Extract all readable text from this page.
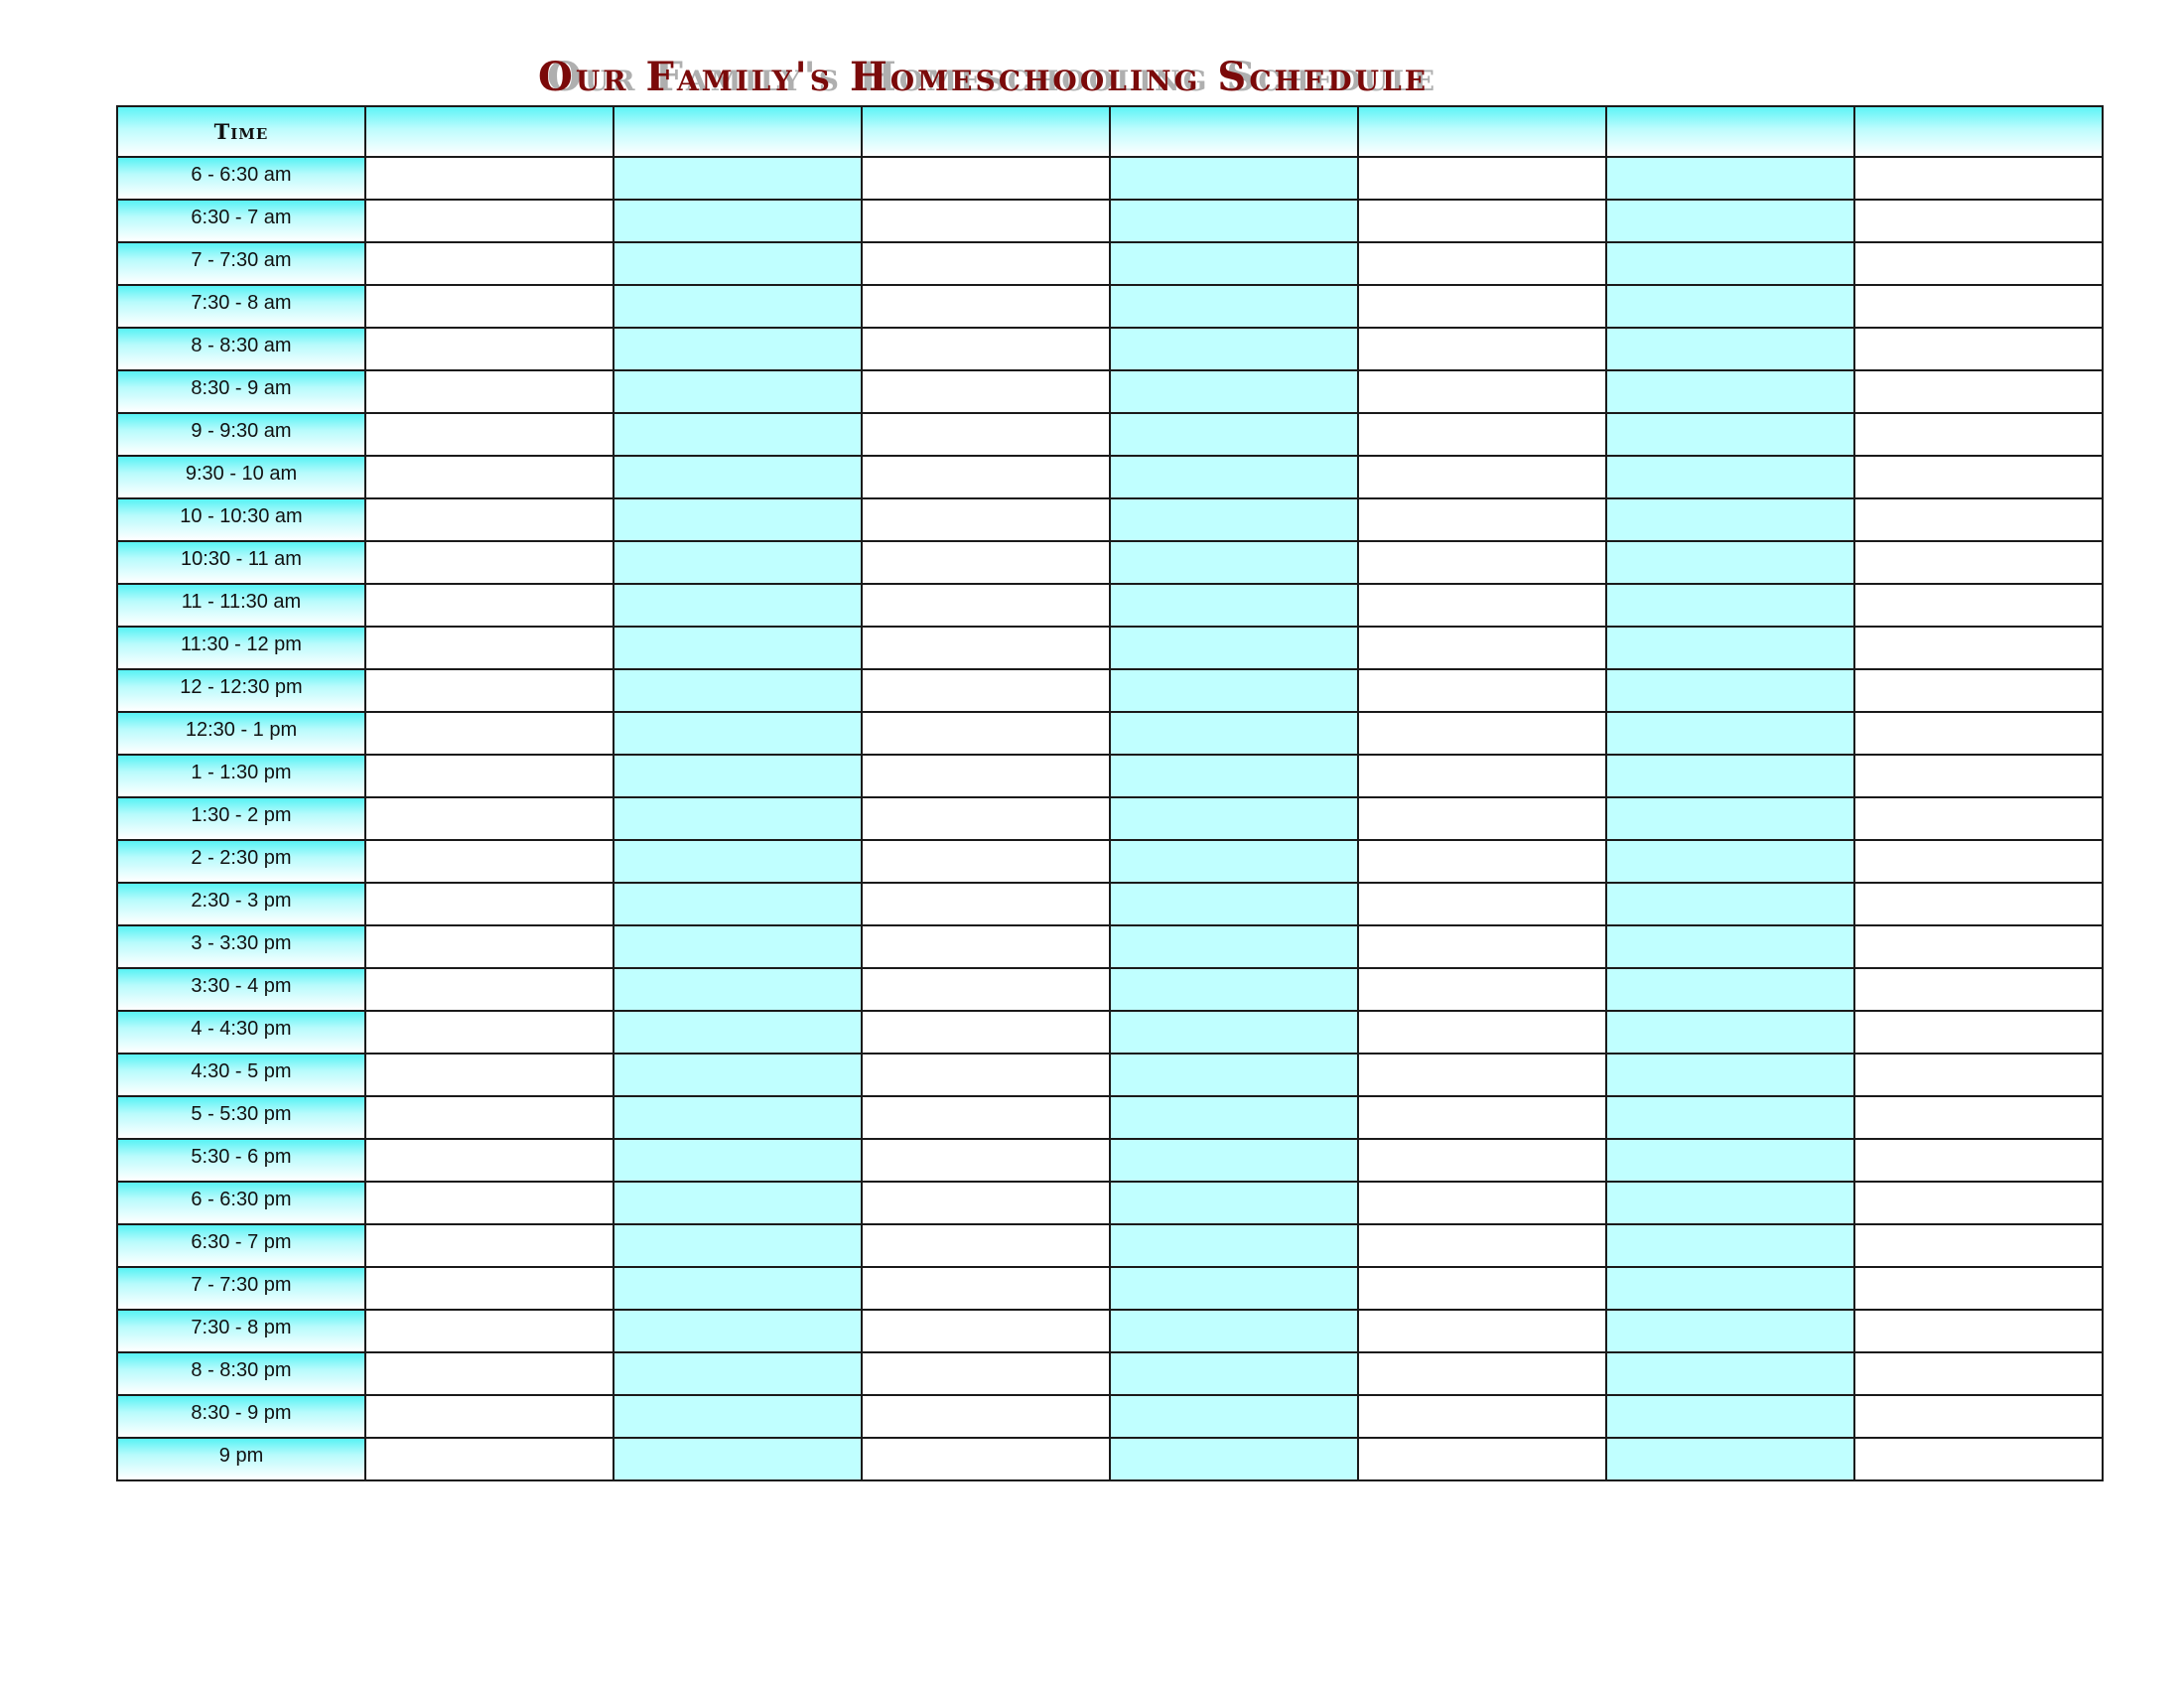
Our Family's Homeschooling Schedule
Time							
6 - 6:30 am							
6:30 - 7 am							
7 - 7:30 am							
7:30 - 8 am							
8 - 8:30 am							
8:30 - 9 am							
9 - 9:30 am							
9:30 - 10 am							
10 - 10:30 am							
10:30 - 11 am							
11 - 11:30 am							
11:30 - 12 pm							
12 - 12:30 pm							
12:30 - 1 pm							
1 - 1:30 pm							
1:30 - 2 pm							
2 - 2:30 pm							
2:30 - 3 pm							
3 - 3:30 pm							
3:30 - 4 pm							
4 - 4:30 pm							
4:30 - 5 pm							
5 - 5:30 pm							
5:30 - 6 pm							
6 - 6:30 pm							
6:30 - 7 pm							
7 - 7:30 pm							
7:30 - 8 pm							
8 - 8:30 pm							
8:30 - 9 pm							
9 pm							
